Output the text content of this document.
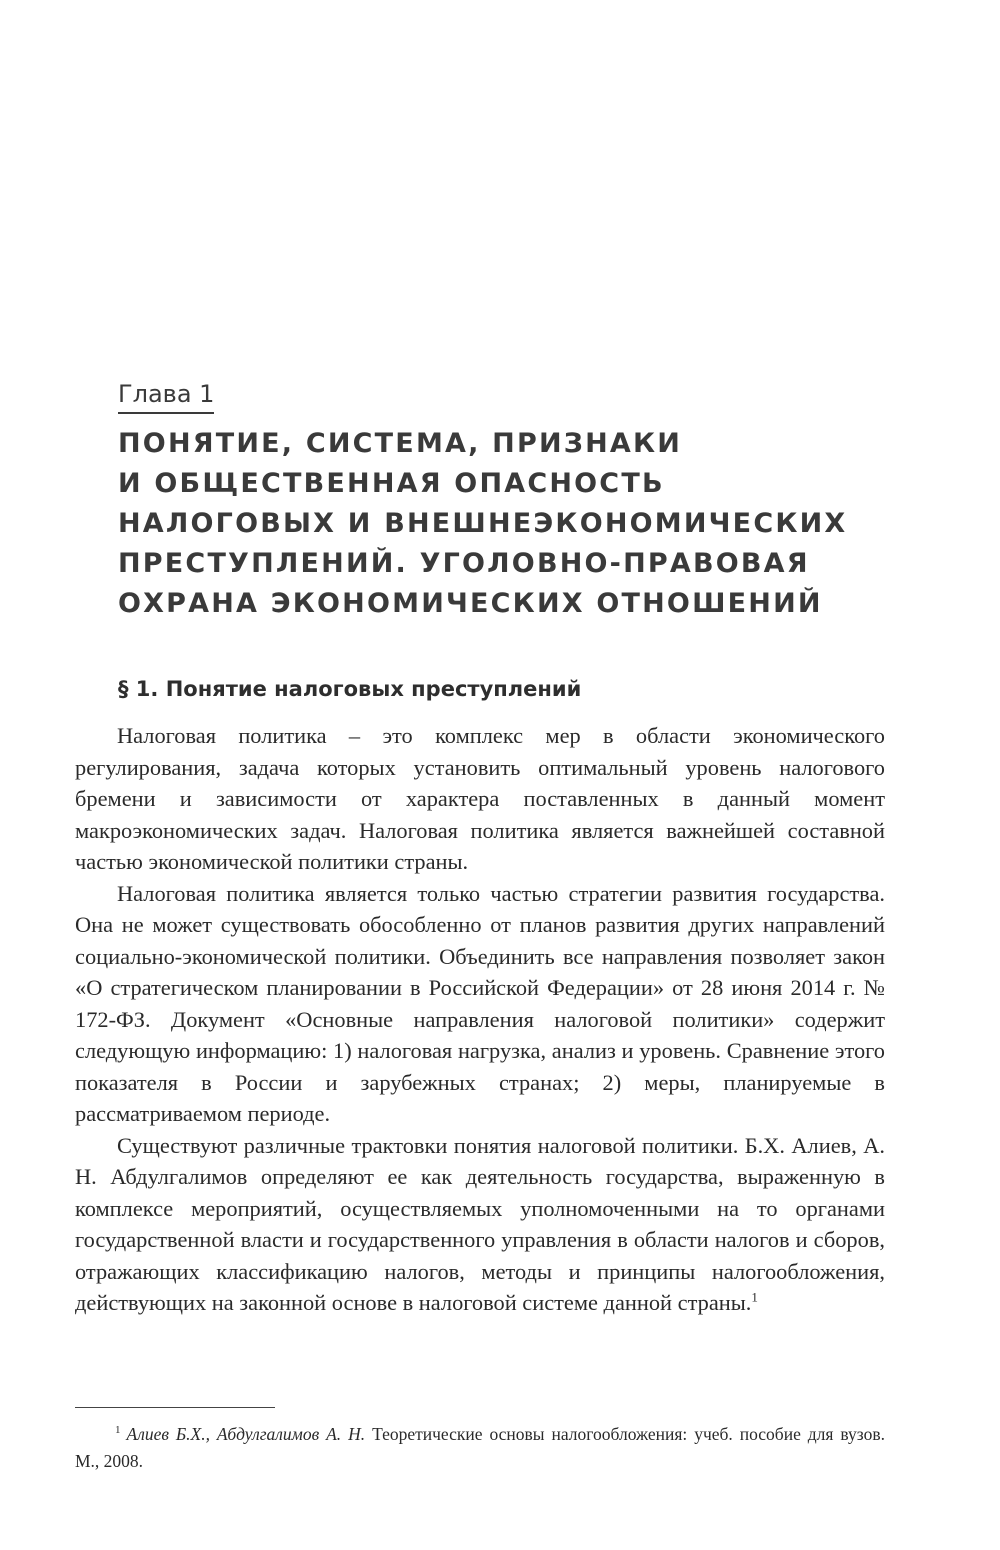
Глава 1
ПОНЯТИЕ, СИСТЕМА, ПРИЗНАКИ
И ОБЩЕСТВЕННАЯ ОПАСНОСТЬ
НАЛОГОВЫХ И ВНЕШНЕЭКОНОМИЧЕСКИХ
ПРЕСТУПЛЕНИЙ. УГОЛОВНО-ПРАВОВАЯ
ОХРАНА ЭКОНОМИЧЕСКИХ ОТНОШЕНИЙ
§ 1. Понятие налоговых преступлений

Налоговая политика – это комплекс мер в области экономического регулирования, задача которых установить оптимальный уровень налогового бремени и зависимости от характера поставленных в данный момент макроэкономических задач. Налоговая политика является важнейшей составной частью экономической политики страны.

Налоговая политика является только частью стратегии развития государства. Она не может существовать обособленно от планов развития других направлений социально-экономической политики. Объединить все направления позволяет закон «О стратегическом планировании в Российской Федерации» от 28 июня 2014 г. № 172-ФЗ. Документ «Основные направления налоговой политики» содержит следующую информацию: 1) налоговая нагрузка, анализ и уровень. Сравнение этого показателя в России и зарубежных странах; 2) меры, планируемые в рассматриваемом периоде.

Существуют различные трактовки понятия налоговой политики. Б.Х. Алиев, А. Н. Абдулгалимов определяют ее как деятельность государства, выраженную в комплексе мероприятий, осуществляемых уполномоченными на то органами государственной власти и государственного управления в области налогов и сборов, отражающих классификацию налогов, методы и принципы налогообложения, действующих на законной основе в налоговой системе данной страны.$^1$

$^1$ Алиев Б.Х., Абдулгалимов А. Н. Теоретические основы налогообложения: учеб. пособие для вузов. М., 2008.
